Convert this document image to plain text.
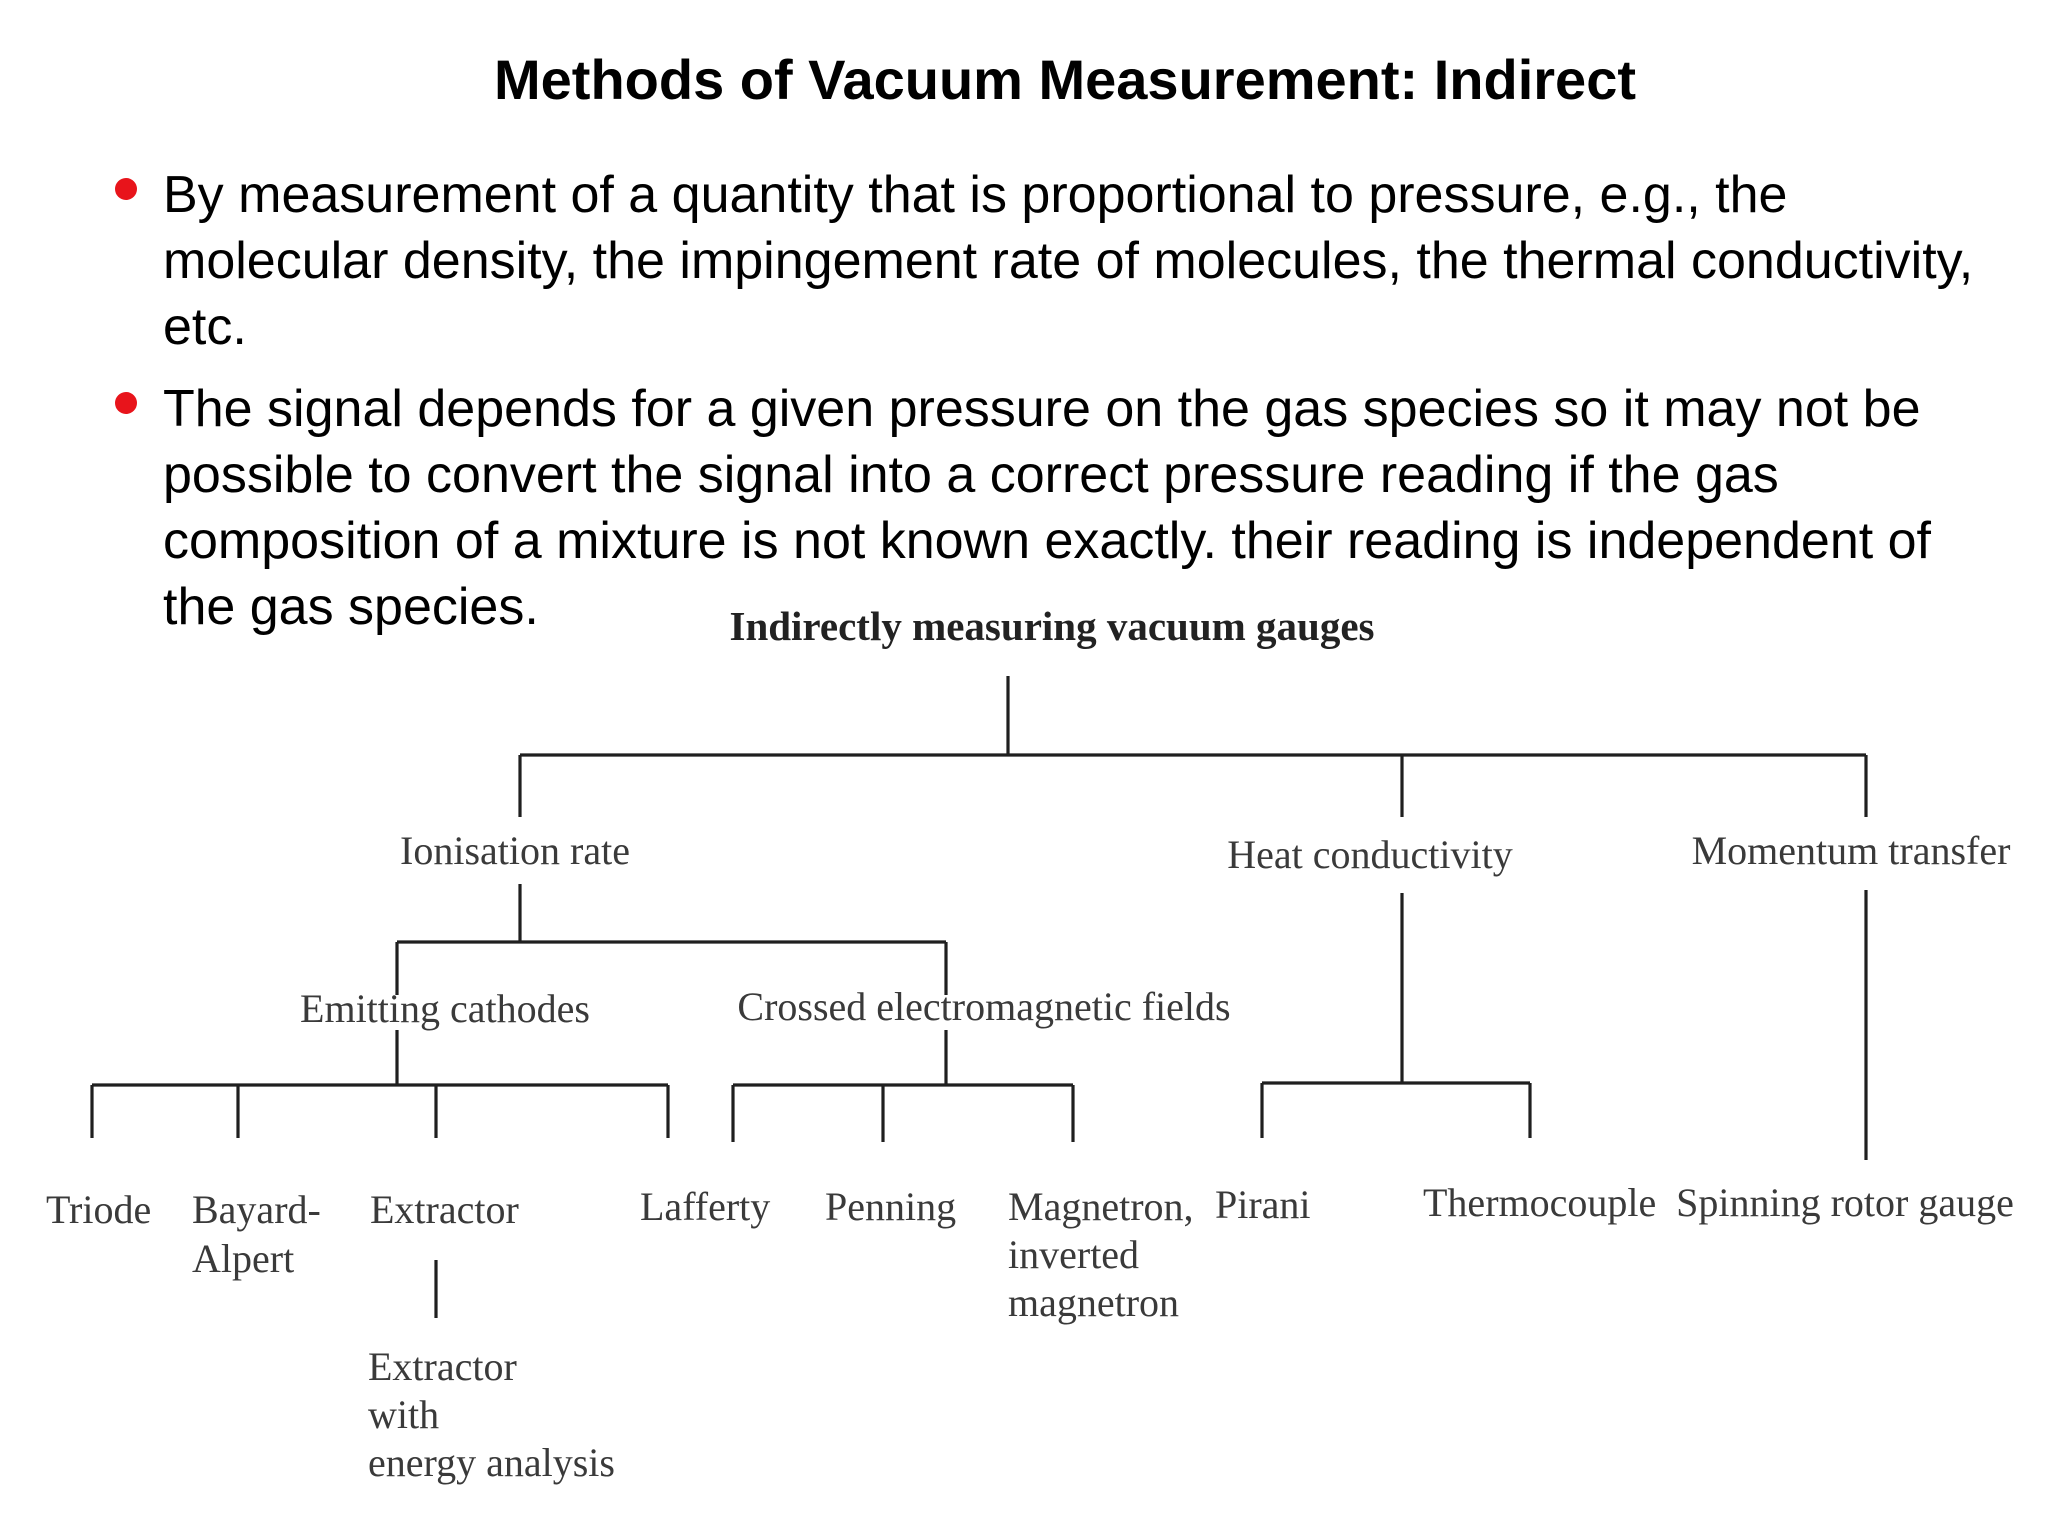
Methods of Vacuum Measurement: Indirect
By measurement of a quantity that is proportional to pressure, e.g., the molecular density, the impingement rate of molecules, the thermal conductivity, etc.
The signal depends for a given pressure on the gas species so it may not be possible to convert the signal into a correct pressure reading if the gas composition of a mixture is not known exactly. their reading is independent of the gas species.	Indirectly measuring vacuum gauges
Ionisation rate	Heat conductivity	Momentum transfer
Emitting cathodes	Crossed electromagnetic fields
Triode Bayard- Alpert
Extractor
Extractor with energy analysis
Lafferty Penning Magnetron, inverted magnetron
Pirani	Thermocouple Spinning rotor gauge
